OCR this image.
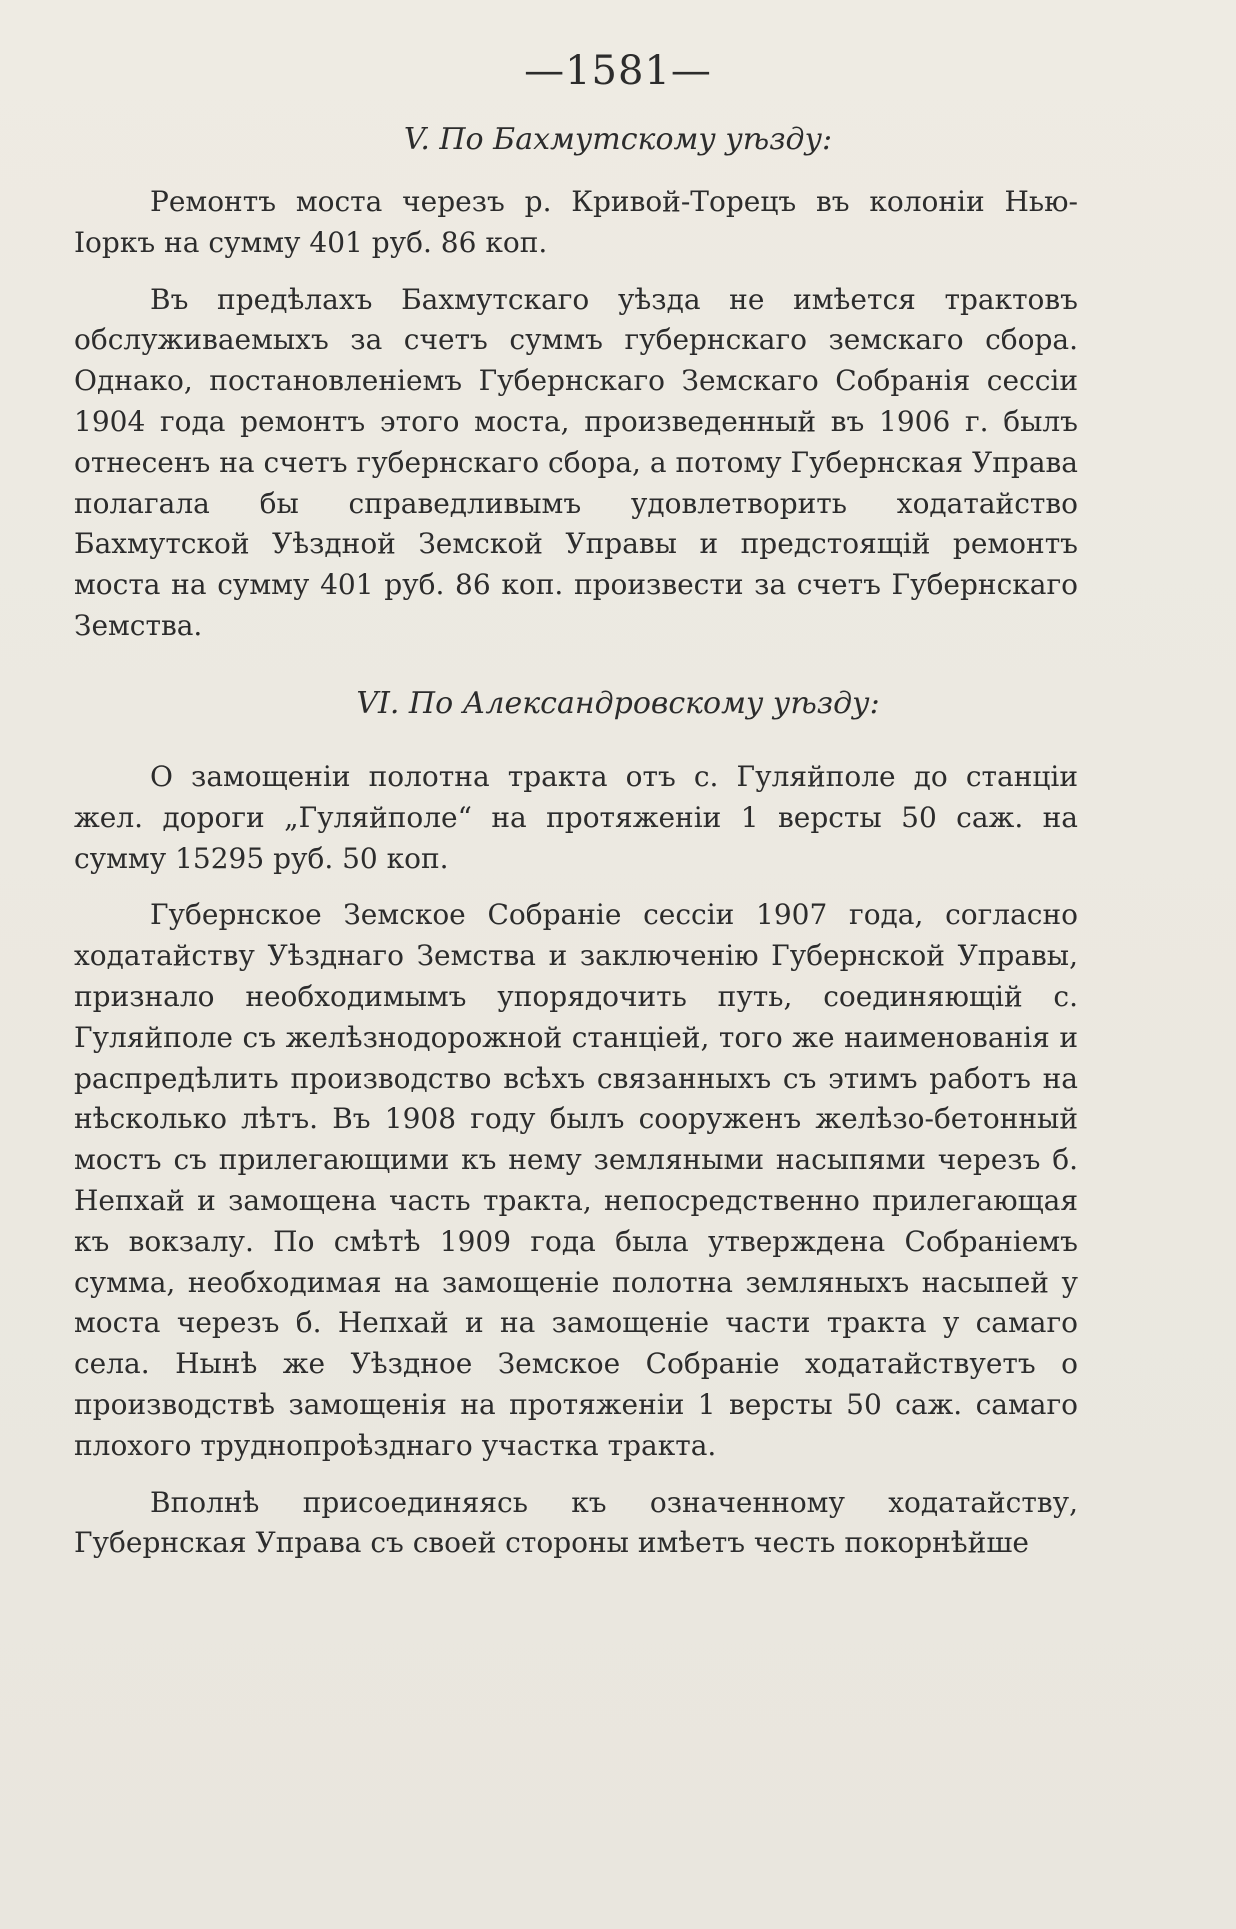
—1581—
V. По Бахмутскому уѣзду:

Ремонтъ моста черезъ р. Кривой-Торецъ въ колоніи Нью-Іоркъ на сумму 401 руб. 86 коп.

Въ предѣлахъ Бахмутскаго уѣзда не имѣется трактовъ обслуживаемыхъ за счетъ суммъ губернскаго земскаго сбора. Однако, постановленіемъ Губернскаго Земскаго Собранія сессіи 1904 года ремонтъ этого моста, произведенный въ 1906 г. былъ отнесенъ на счетъ губернскаго сбора, а потому Губернская Управа полагала бы справедливымъ удовлетворить ходатайство Бахмутской Уѣздной Земской Управы и предстоящій ремонтъ моста на сумму 401 руб. 86 коп. произвести за счетъ Губернскаго Земства.

VI. По Александровскому уѣзду:

О замощеніи полотна тракта отъ с. Гуляйполе до станціи жел. дороги „Гуляйполе“ на протяженіи 1 версты 50 саж. на сумму 15295 руб. 50 коп.

Губернское Земское Собраніе сессіи 1907 года, согласно ходатайству Уѣзднаго Земства и заключенію Губернской Управы, признало необходимымъ упорядочить путь, соединяющій с. Гуляйполе съ желѣзнодорожной станціей, того же наименованія и распредѣлить производство всѣхъ связанныхъ съ этимъ работъ на нѣсколько лѣтъ. Въ 1908 году былъ сооруженъ желѣзо-бетонный мостъ съ прилегающими къ нему земляными насыпями черезъ б. Непхай и замощена часть тракта, непосредственно прилегающая къ вокзалу. По смѣтѣ 1909 года была утверждена Собраніемъ сумма, необходимая на замощеніе полотна земляныхъ насыпей у моста черезъ б. Непхай и на замощеніе части тракта у самаго села. Нынѣ же Уѣздное Земское Собраніе ходатайствуетъ о производствѣ замощенія на протяженіи 1 версты 50 саж. самаго плохого труднопроѣзднаго участка тракта.

Вполнѣ присоединяясь къ означенному ходатайству, Губернская Управа съ своей стороны имѣетъ честь покорнѣйше
